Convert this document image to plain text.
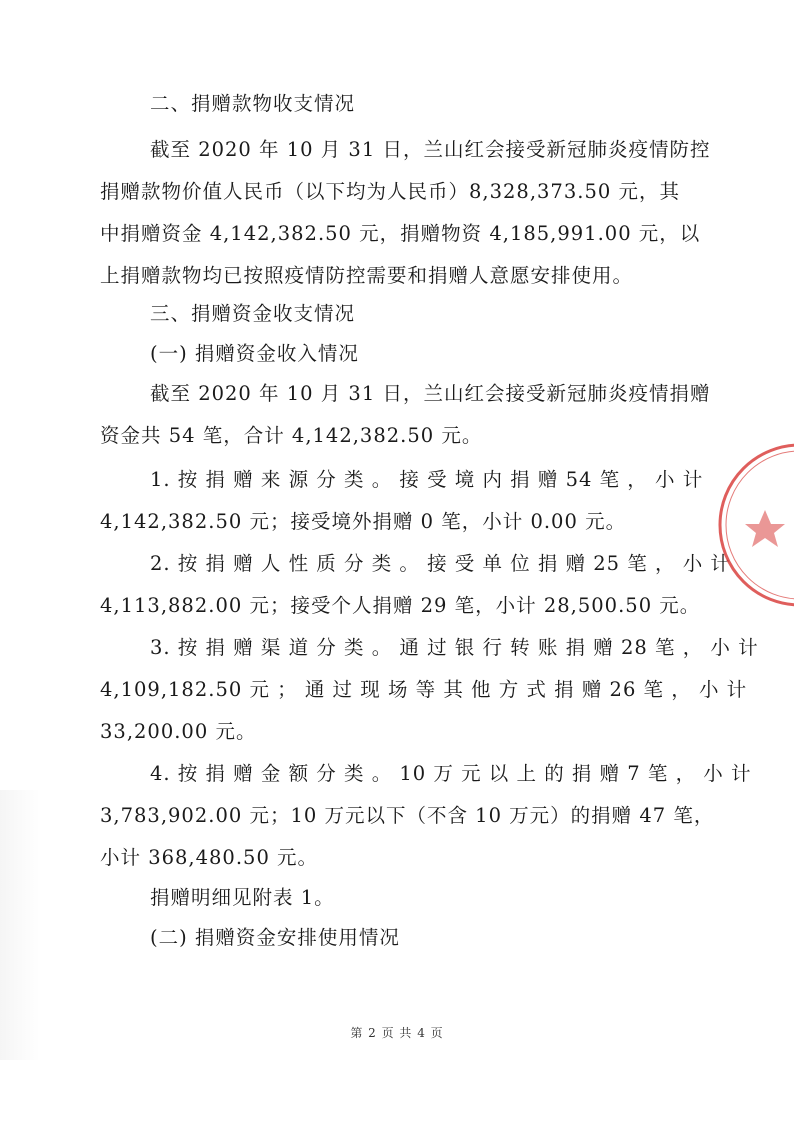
二、捐赠款物收支情况
截至 2020 年 10 月 31 日，兰山红会接受新冠肺炎疫情防控
捐赠款物价值人民币（以下均为人民币）8,328,373.50 元，其
中捐赠资金 4,142,382.50 元，捐赠物资 4,185,991.00 元，以
上捐赠款物均已按照疫情防控需要和捐赠人意愿安排使用。
三、捐赠资金收支情况
(一) 捐赠资金收入情况
截至 2020 年 10 月 31 日，兰山红会接受新冠肺炎疫情捐赠
资金共 54 笔，合计 4,142,382.50 元。
1. 按 捐 赠 来 源 分 类 。 接 受 境 内 捐 赠 54 笔 ， 小 计
4,142,382.50 元；接受境外捐赠 0 笔，小计 0.00 元。
2. 按 捐 赠 人 性 质 分 类 。 接 受 单 位 捐 赠 25 笔 ， 小 计
4,113,882.00 元；接受个人捐赠 29 笔，小计 28,500.50 元。
3. 按 捐 赠 渠 道 分 类 。 通 过 银 行 转 账 捐 赠 28 笔 ， 小 计
4,109,182.50 元 ； 通 过 现 场 等 其 他 方 式 捐 赠 26 笔 ， 小 计
33,200.00 元。
4. 按 捐 赠 金 额 分 类 。 10 万 元 以 上 的 捐 赠 7 笔 ， 小 计
3,783,902.00 元；10 万元以下（不含 10 万元）的捐赠 47 笔，
小计 368,480.50 元。
捐赠明细见附表 1。
(二) 捐赠资金安排使用情况
第 2 页 共 4 页
